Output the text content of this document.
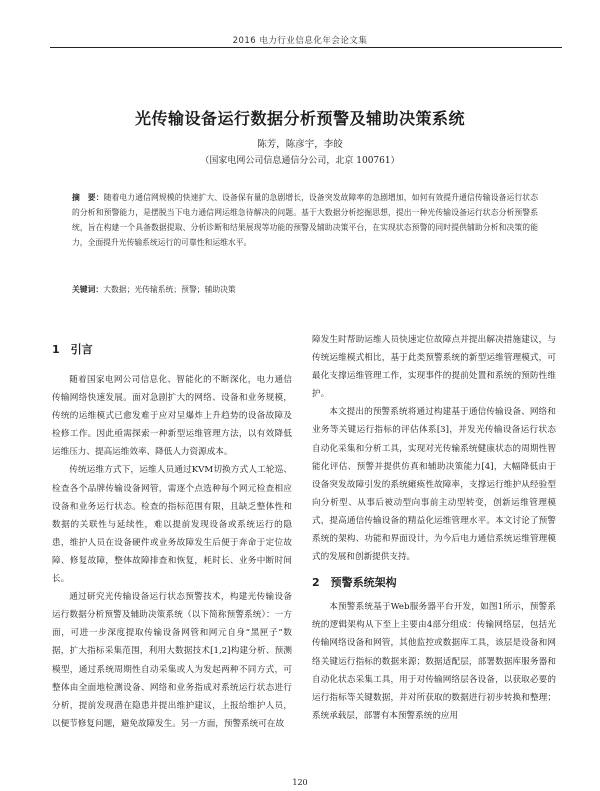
2016 电力行业信息化年会论文集
光传输设备运行数据分析预警及辅助决策系统
陈芳，陈彦宇，李皎
（国家电网公司信息通信分公司，北京 100761）
摘　要：随着电力通信网规模的快速扩大、设备保有量的急剧增长，设备突发故障率的急剧增加，如何有效提升通信传输设备运行状态的分析和预警能力，是摆脱当下电力通信网运维急待解决的问题。基于大数据分析挖掘思想，提出一种光传输设备运行状态分析预警系统，旨在构建一个具备数据提取、分析诊断和结果展现等功能的预警及辅助决策平台，在实现状态预警的同时提供辅助分析和决策的能力，全面提升光传输系统运行的可靠性和运维水平。
关键词：大数据；光传输系统；预警；辅助决策

1　引言

随着国家电网公司信息化、智能化的不断深化，电力通信传输网络快速发展。面对急剧扩大的网络、设备和业务规模，传统的运维模式已愈发难于应对呈爆炸上升趋势的设备故障及检修工作。因此亟需探索一种新型运维管理方法，以有效降低运维压力、提高运维效率、降低人力资源成本。

传统运维方式下，运维人员通过KVM切换方式人工轮巡、检查各个品牌传输设备网管，需逐个点选种每个网元检查相应设备和业务运行状态。检查的指标范围有限，且缺乏整体性和数据的关联性与延续性，难以提前发现设备或系统运行的隐患，维护人员在设备硬件或业务故障发生后便于奔命于定位故障、修复故障，整体故障排查和恢复，耗时长、业务中断时间长。

通过研究光传输设备运行状态预警技术，构建光传输设备运行数据分析预警及辅助决策系统（以下简称预警系统）：一方面，可进一步深度提取传输设备网管和网元自身“黑匣子”数据，扩大指标采集范围，利用大数据技术[1,2]构建分析、预测模型，通过系统周期性自动采集或人为发起两种不同方式，可整体由全面地检测设备、网络和业务指成对系统运行状态进行分析，提前发现潜在隐患并提出维护建议，上报给维护人员，以便节修复问题，避免故障发生。另一方面，预警系统可在故

障发生时帮助运维人员快速定位故障点并提出解决措施建议，与传统运维模式相比，基于此类预警系统的新型运维管理模式，可最化支撑运维管理工作，实现事件的提前处置和系统的预防性维护。

本文提出的预警系统将通过构建基于通信传输设备、网络和业务等关键运行指标的评估体系[3]，并发光传输设备运行状态自动化采集和分析工具，实现对光传输系统健康状态的周期性智能化评估、预警并提供仿真和辅助决策能力[4]，大幅降低由于设备突发故障引发的系统瘫痪性故障率，支撑运行维护从经验型向分析型、从事后被动型向事前主动型转变，创新运维管理模式，提高通信传输设备的精益化运维管理水平。本文讨论了预警系统的架构、功能和界面设计，为今后电力通信系统运维管理模式的发展和创新提供支持。

2　预警系统架构

本预警系统基于Web服务器平台开发，如图1所示，预警系统的逻辑架构从下至上主要由4部分组成：传输网络层，包括光传输网络设备和网管，其他监控或数据库工具，该层是设备和网络关键运行指标的数据来源；数据适配层，部署数据库服务器和自动化状态采集工具，用于对传输网络层各设备，以获取必要的运行指标等关键数据，并对所获取的数据进行初步转换和整理；系统承载层，部署有本预警系统的应用

120
